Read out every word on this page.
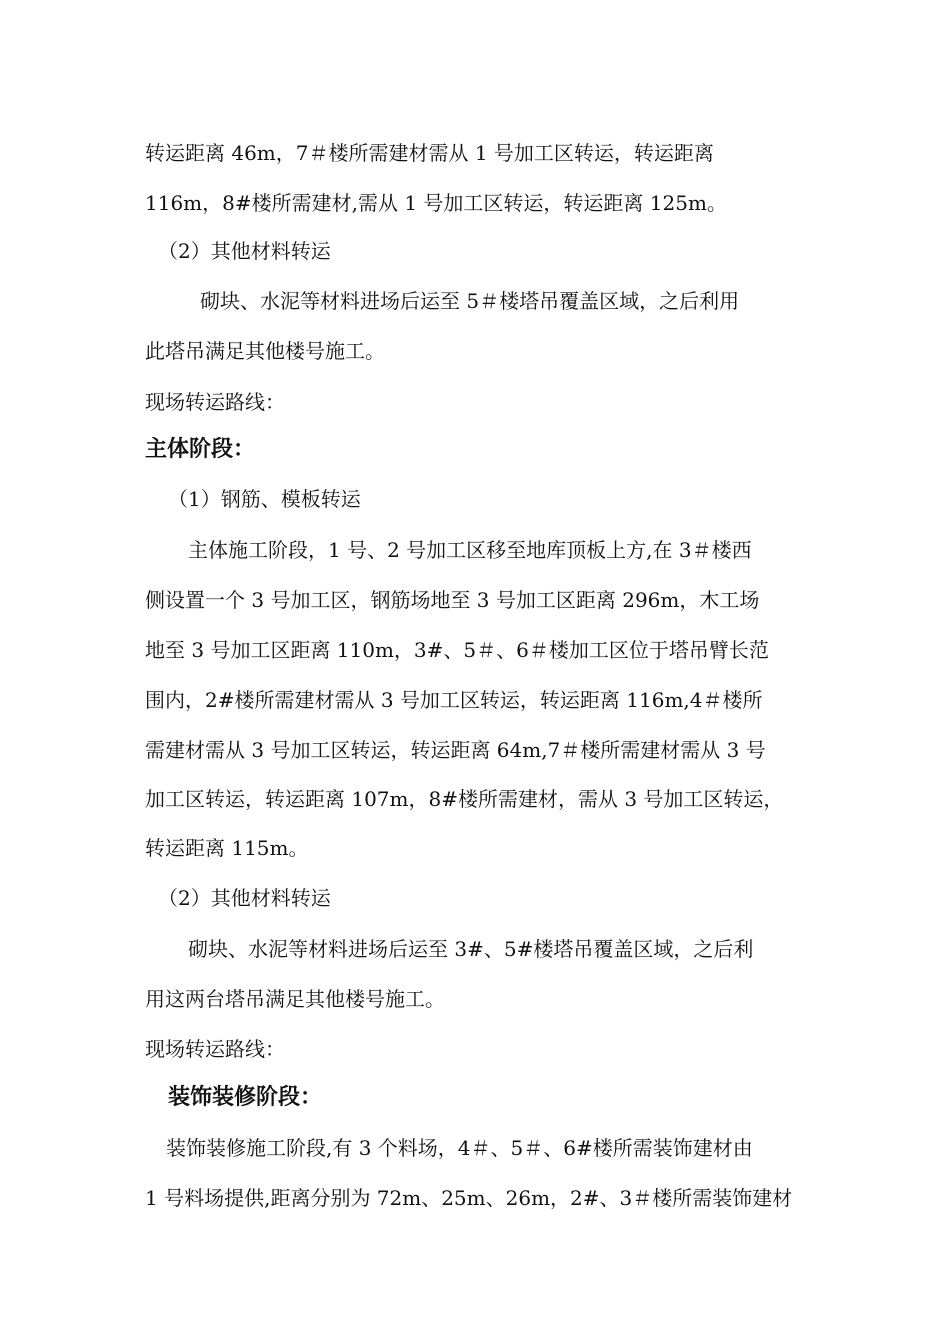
转运距离 46m，7＃楼所需建材需从 1 号加工区转运，转运距离

116m，8#楼所需建材,需从 1 号加工区转运，转运距离 125m。

（2）其他材料转运

砌块、水泥等材料进场后运至 5＃楼塔吊覆盖区域，之后利用

此塔吊满足其他楼号施工。

现场转运路线：

主体阶段：

（1）钢筋、模板转运

主体施工阶段，1 号、2 号加工区移至地库顶板上方,在 3＃楼西

侧设置一个 3 号加工区，钢筋场地至 3 号加工区距离 296m，木工场

地至 3 号加工区距离 110m，3#、5＃、6＃楼加工区位于塔吊臂长范

围内，2#楼所需建材需从 3 号加工区转运，转运距离 116m,4＃楼所

需建材需从 3 号加工区转运，转运距离 64m,7＃楼所需建材需从 3 号

加工区转运，转运距离 107m，8#楼所需建材，需从 3 号加工区转运，

转运距离 115m。

（2）其他材料转运

砌块、水泥等材料进场后运至 3#、5#楼塔吊覆盖区域，之后利

用这两台塔吊满足其他楼号施工。

现场转运路线：

装饰装修阶段：

装饰装修施工阶段,有 3 个料场，4＃、5＃、6#楼所需装饰建材由

1 号料场提供,距离分别为 72m、25m、26m，2#、3＃楼所需装饰建材
